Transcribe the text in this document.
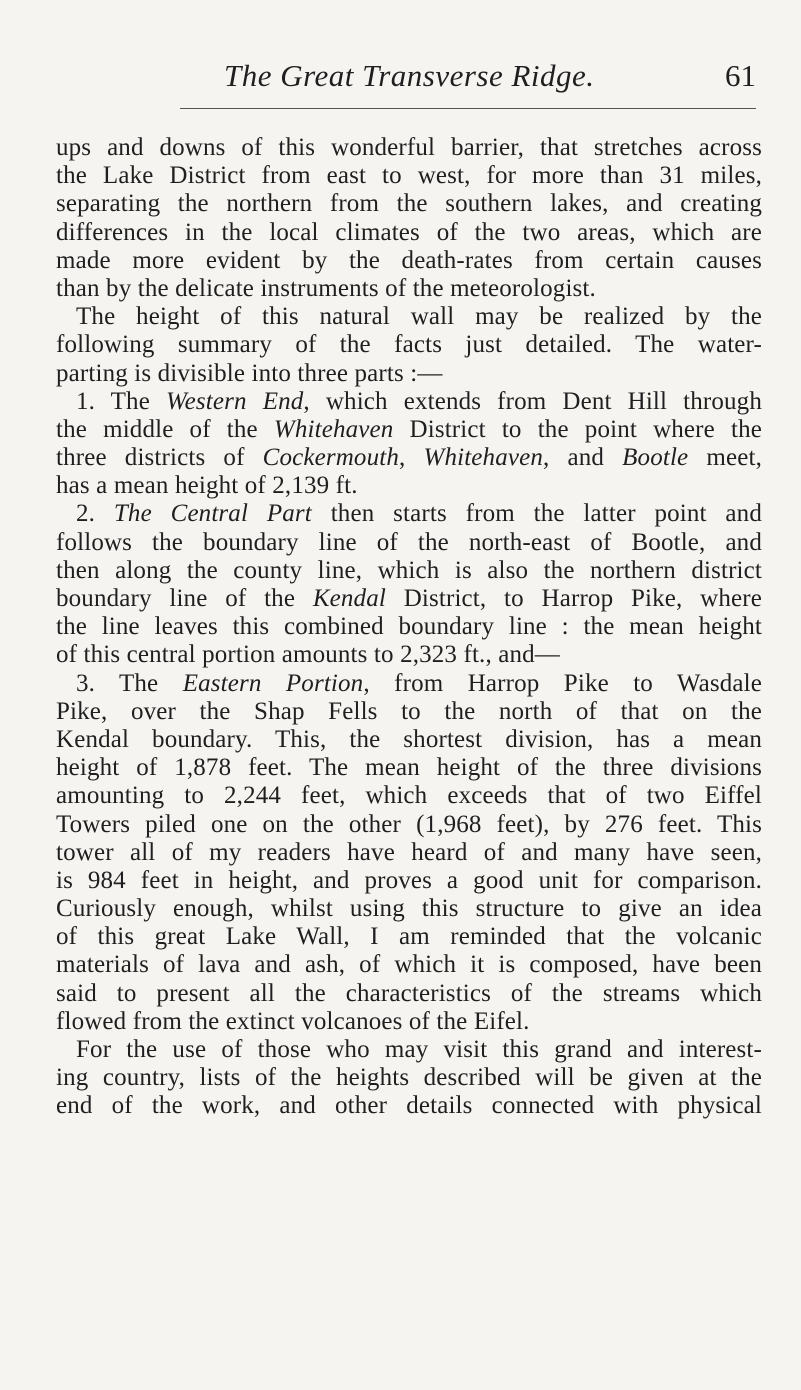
The Great Transverse Ridge.	61
ups and downs of this wonderful barrier, that stretches across
the Lake District from east to west, for more than 31 miles,
separating the northern from the southern lakes, and creating
differences in the local climates of the two areas, which are
made more evident by the death-rates from certain causes
than by the delicate instruments of the meteorologist.
The height of this natural wall may be realized by the
following summary of the facts just detailed. The water-
parting is divisible into three parts :—
1. The Western End, which extends from Dent Hill through
the middle of the Whitehaven District to the point where the
three districts of Cockermouth, Whitehaven, and Bootle meet,
has a mean height of 2,139 ft.
2. The Central Part then starts from the latter point and
follows the boundary line of the north-east of Bootle, and
then along the county line, which is also the northern district
boundary line of the Kendal District, to Harrop Pike, where
the line leaves this combined boundary line : the mean height
of this central portion amounts to 2,323 ft., and—
3. The Eastern Portion, from Harrop Pike to Wasdale
Pike, over the Shap Fells to the north of that on the
Kendal boundary. This, the shortest division, has a mean
height of 1,878 feet. The mean height of the three divisions
amounting to 2,244 feet, which exceeds that of two Eiffel
Towers piled one on the other (1,968 feet), by 276 feet. This
tower all of my readers have heard of and many have seen,
is 984 feet in height, and proves a good unit for comparison.
Curiously enough, whilst using this structure to give an idea
of this great Lake Wall, I am reminded that the volcanic
materials of lava and ash, of which it is composed, have been
said to present all the characteristics of the streams which
flowed from the extinct volcanoes of the Eifel.
For the use of those who may visit this grand and interest-
ing country, lists of the heights described will be given at the
end of the work, and other details connected with physical
